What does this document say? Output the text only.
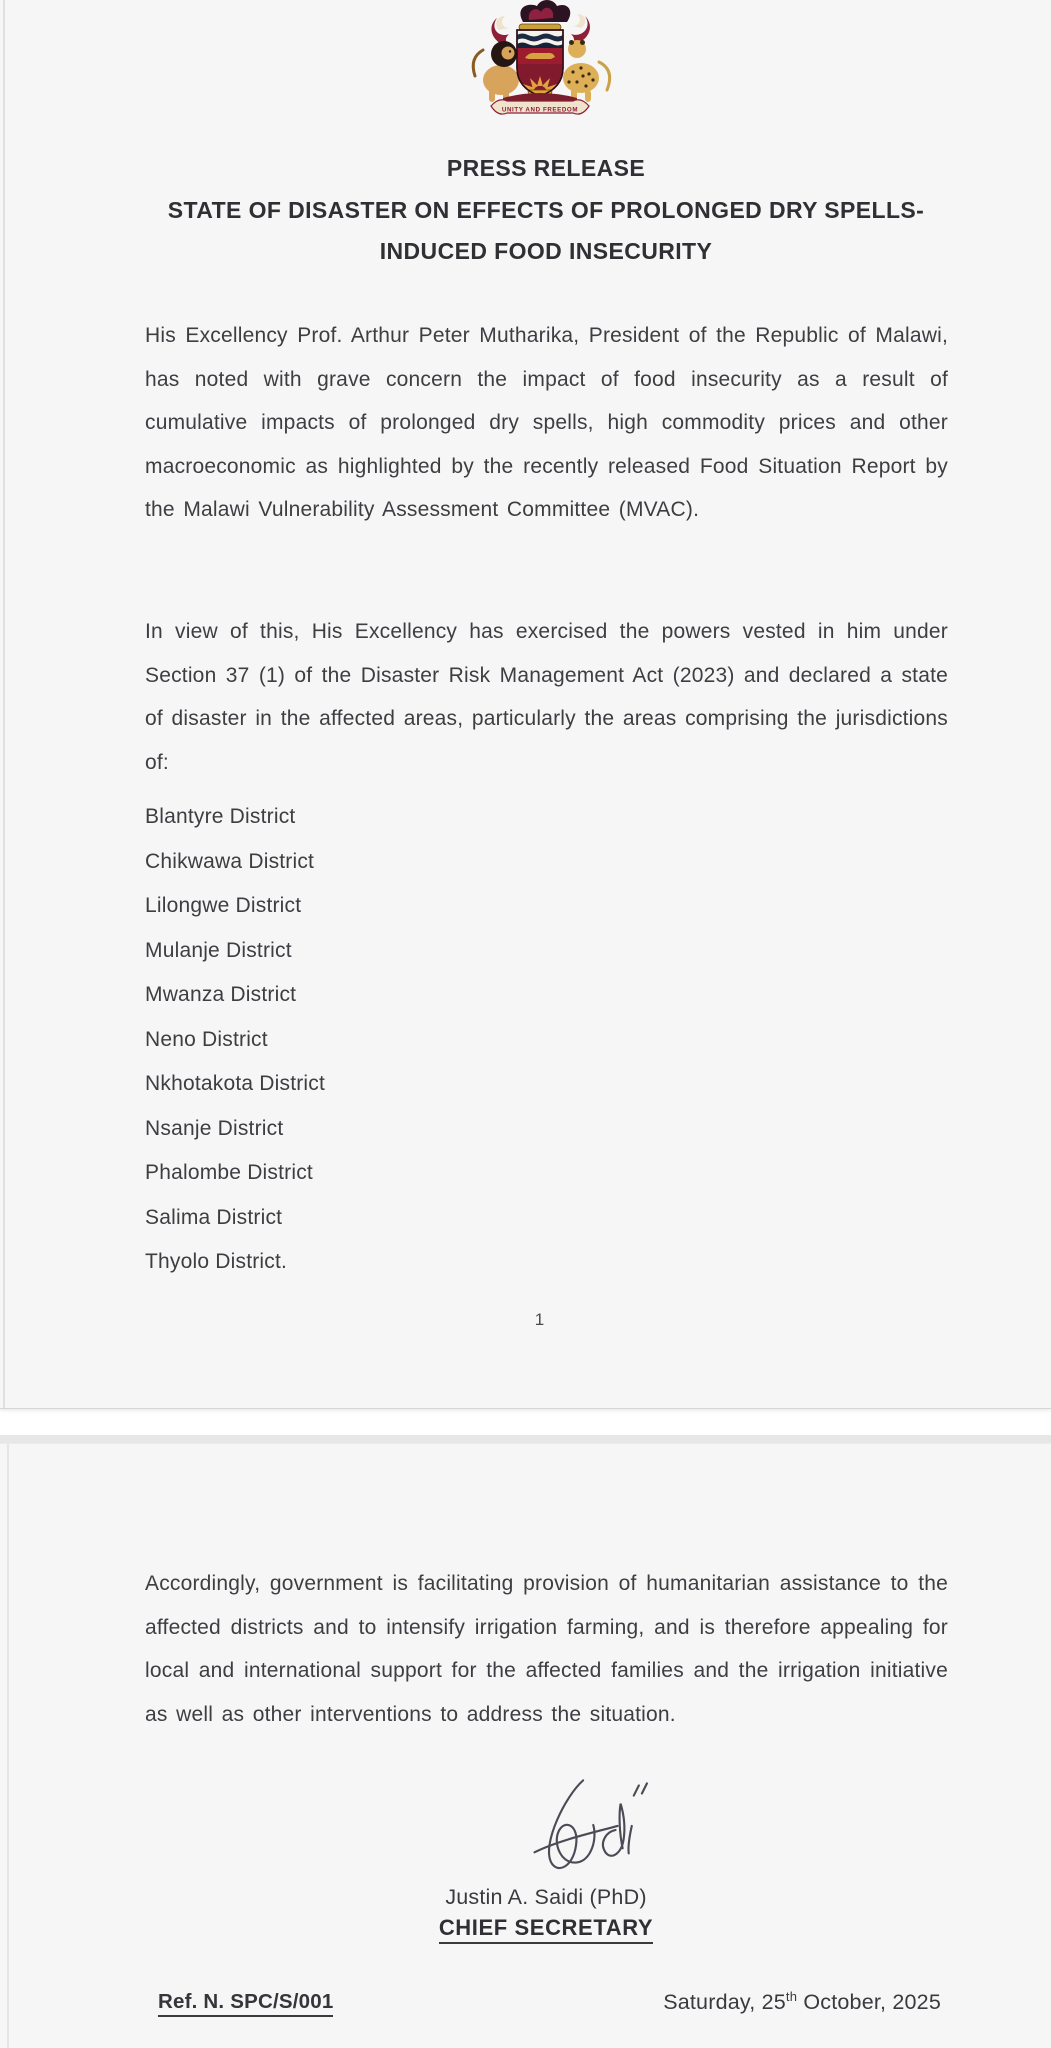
UNITY AND FREEDOM
PRESS RELEASE
STATE OF DISASTER ON EFFECTS OF PROLONGED DRY SPELLS-
INDUCED FOOD INSECURITY
His Excellency Prof. Arthur Peter Mutharika, President of the Republic of Malawi, has noted with grave concern the impact of food insecurity as a result of cumulative impacts of prolonged dry spells, high commodity prices and other macroeconomic as highlighted by the recently released Food Situation Report by the Malawi Vulnerability Assessment Committee (MVAC).
In view of this, His Excellency has exercised the powers vested in him under Section 37 (1) of the Disaster Risk Management Act (2023) and declared a state of disaster in the affected areas, particularly the areas comprising the jurisdictions of:
Blantyre District
Chikwawa District
Lilongwe District
Mulanje District
Mwanza District
Neno District
Nkhotakota District
Nsanje District
Phalombe District
Salima District
Thyolo District.
1
Accordingly, government is facilitating provision of humanitarian assistance to the affected districts and to intensify irrigation farming, and is therefore appealing for local and international support for the affected families and the irrigation initiative as well as other interventions to address the situation.
Justin A. Saidi (PhD)
CHIEF SECRETARY
Ref. N. SPC/S/001	Saturday, 25th October, 2025
